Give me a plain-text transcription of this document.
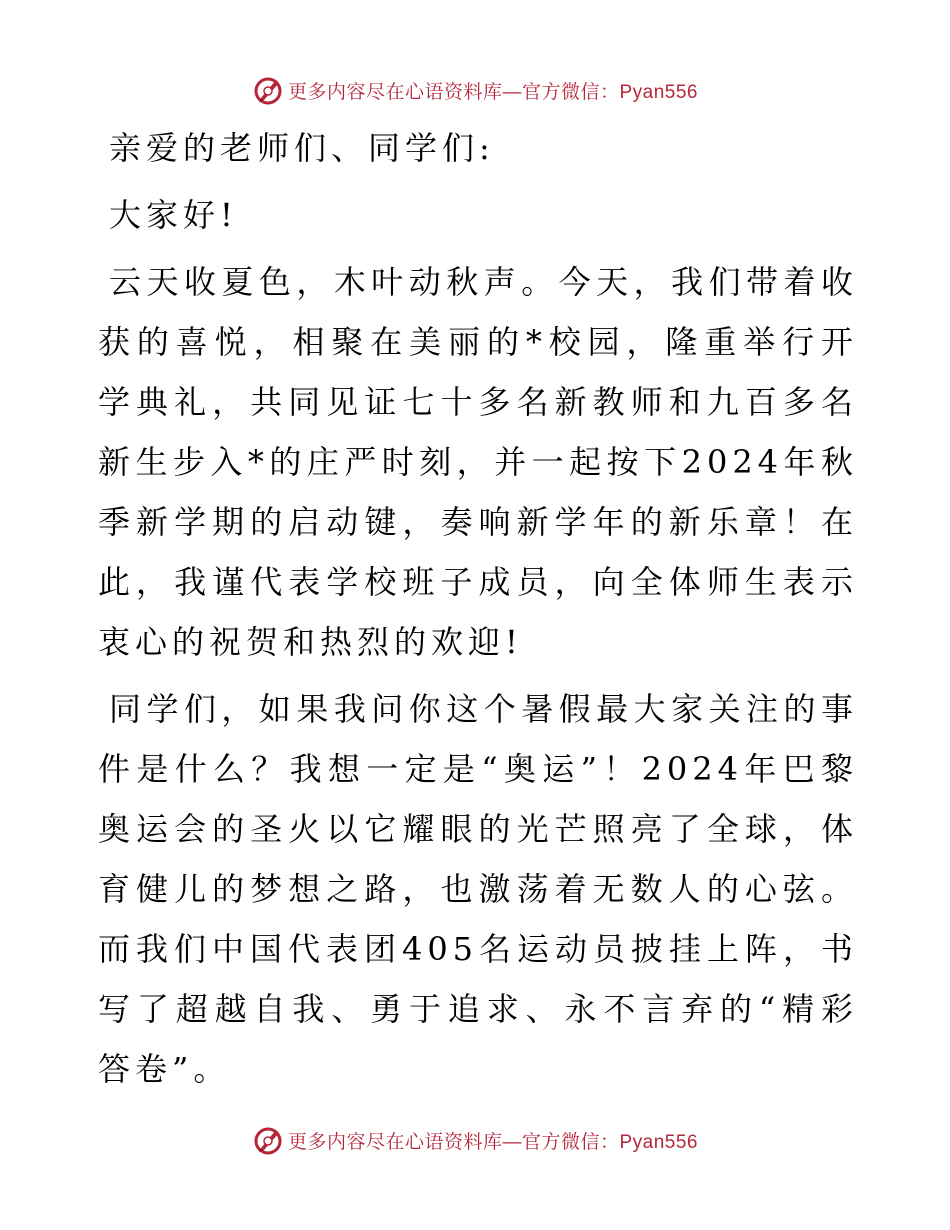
更多内容尽在心语资料库—官方微信：Pyan556

亲爱的老师们、同学们:

大家好!

云天收夏色，木叶动秋声。今天，我们带着收获的喜悦，相聚在美丽的*校园，隆重举行开学典礼，共同见证七十多名新教师和九百多名新生步入*的庄严时刻，并一起按下2024年秋季新学期的启动键，奏响新学年的新乐章！在此，我谨代表学校班子成员，向全体师生表示衷心的祝贺和热烈的欢迎!

同学们，如果我问你这个暑假最大家关注的事件是什么？我想一定是“奥运”！2024年巴黎奥运会的圣火以它耀眼的光芒照亮了全球，体育健儿的梦想之路，也激荡着无数人的心弦。而我们中国代表团405名运动员披挂上阵，书写了超越自我、勇于追求、永不言弃的“精彩答卷”。

更多内容尽在心语资料库—官方微信：Pyan556
